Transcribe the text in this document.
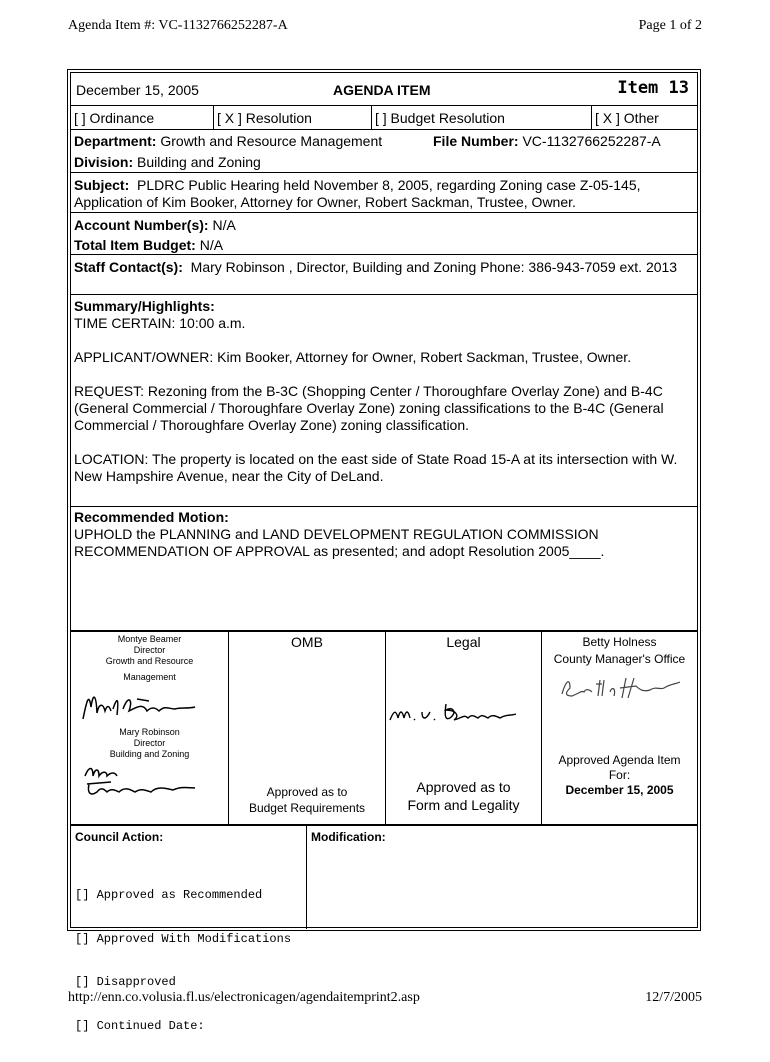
Agenda Item #: VC-1132766252287-A	Page 1 of 2
December 15, 2005	AGENDA ITEM	Item 13
[ ] Ordinance	[ X ] Resolution	[ ] Budget Resolution	[ X ] Other
Department: Growth and Resource Management	File Number: VC-1132766252287-A
Division: Building and Zoning
Subject: PLDRC Public Hearing held November 8, 2005, regarding Zoning case Z-05-145, Application of Kim Booker, Attorney for Owner, Robert Sackman, Trustee, Owner.
Account Number(s): N/A
Total Item Budget: N/A
Staff Contact(s): Mary Robinson , Director, Building and Zoning Phone: 386-943-7059 ext. 2013
Summary/Highlights:

TIME CERTAIN: 10:00 a.m.

APPLICANT/OWNER: Kim Booker, Attorney for Owner, Robert Sackman, Trustee, Owner.

REQUEST: Rezoning from the B-3C (Shopping Center / Thoroughfare Overlay Zone) and B-4C (General Commercial / Thoroughfare Overlay Zone) zoning classifications to the B-4C (General Commercial / Thoroughfare Overlay Zone) zoning classification.

LOCATION: The property is located on the east side of State Road 15-A at its intersection with W. New Hampshire Avenue, near the City of DeLand.

Recommended Motion:

UPHOLD the PLANNING and LAND DEVELOPMENT REGULATION COMMISSION RECOMMENDATION OF APPROVAL as presented; and adopt Resolution 2005____.

Montye Beamer
Director
Growth and Resource
Management
Mary Robinson
Director
Building and Zoning
OMB
Approved as to
Budget Requirements
Legal
Approved as to
Form and Legality
Betty Holness
County Manager's Office
Approved Agenda Item
For:
December 15, 2005
Council Action:

[] Approved as Recommended

[] Approved With Modifications

[] Disapproved

[] Continued Date:

Modification:
http://enn.co.volusia.fl.us/electronicagen/agendaitemprint2.asp	12/7/2005
